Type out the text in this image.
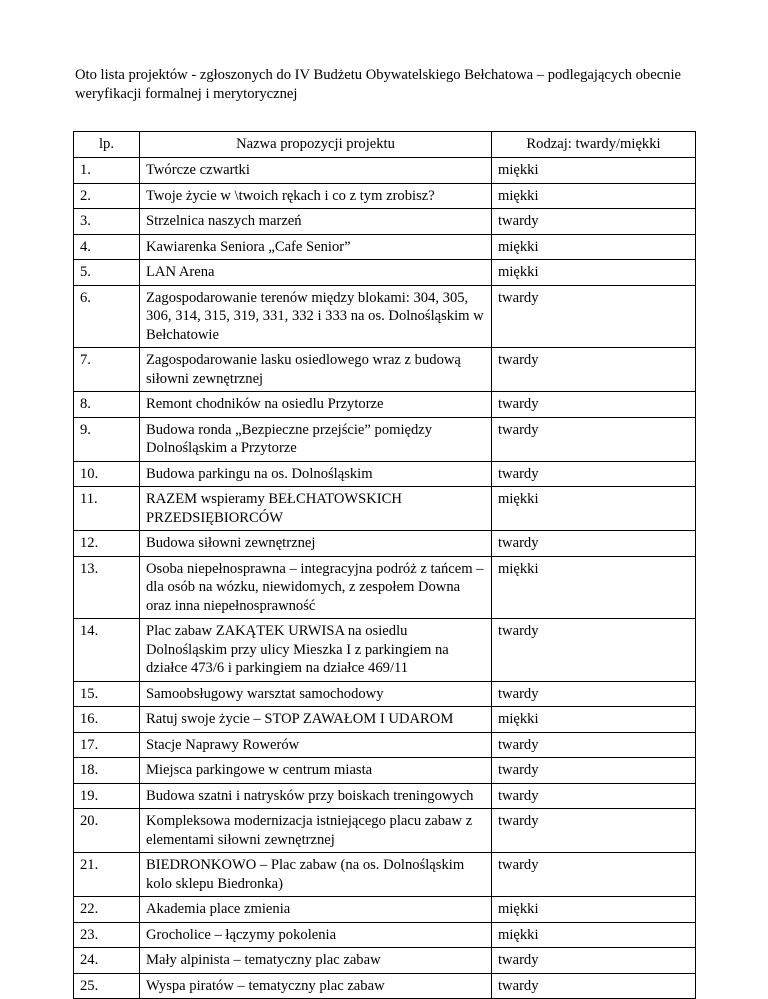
Oto lista projektów - zgłoszonych do IV Budżetu Obywatelskiego Bełchatowa – podlegających obecnie weryfikacji formalnej i merytorycznej

lp.	Nazwa propozycji projektu	Rodzaj: twardy/miękki
1.	Twórcze czwartki	miękki
2.	Twoje życie w \twoich rękach i co z tym zrobisz?	miękki
3.	Strzelnica naszych marzeń	twardy
4.	Kawiarenka Seniora „Cafe Senior”	miękki
5.	LAN Arena	miękki
6.	Zagospodarowanie terenów między blokami: 304, 305, 306, 314, 315, 319, 331, 332 i 333 na os. Dolnośląskim w Bełchatowie	twardy
7.	Zagospodarowanie lasku osiedlowego wraz z budową siłowni zewnętrznej	twardy
8.	Remont chodników na osiedlu Przytorze	twardy
9.	Budowa ronda „Bezpieczne przejście” pomiędzy Dolnośląskim a Przytorze	twardy
10.	Budowa parkingu na os. Dolnośląskim	twardy
11.	RAZEM wspieramy BEŁCHATOWSKICH PRZEDSIĘBIORCÓW	miękki
12.	Budowa siłowni zewnętrznej	twardy
13.	Osoba niepełnosprawna – integracyjna podróż z tańcem – dla osób na wózku, niewidomych, z zespołem Downa oraz inna niepełnosprawność	miękki
14.	Plac zabaw ZAKĄTEK URWISA na osiedlu Dolnośląskim przy ulicy Mieszka I z parkingiem na działce 473/6 i parkingiem na działce 469/11	twardy
15.	Samoobsługowy warsztat samochodowy	twardy
16.	Ratuj swoje życie – STOP ZAWAŁOM I UDAROM	miękki
17.	Stacje Naprawy Rowerów	twardy
18.	Miejsca parkingowe w centrum miasta	twardy
19.	Budowa szatni i natrysków przy boiskach treningowych	twardy
20.	Kompleksowa modernizacja istniejącego placu zabaw z elementami siłowni zewnętrznej	twardy
21.	BIEDRONKOWO – Plac zabaw (na os. Dolnośląskim kolo sklepu Biedronka)	twardy
22.	Akademia place zmienia	miękki
23.	Grocholice – łączymy pokolenia	miękki
24.	Mały alpinista – tematyczny plac zabaw	twardy
25.	Wyspa piratów – tematyczny plac zabaw	twardy
